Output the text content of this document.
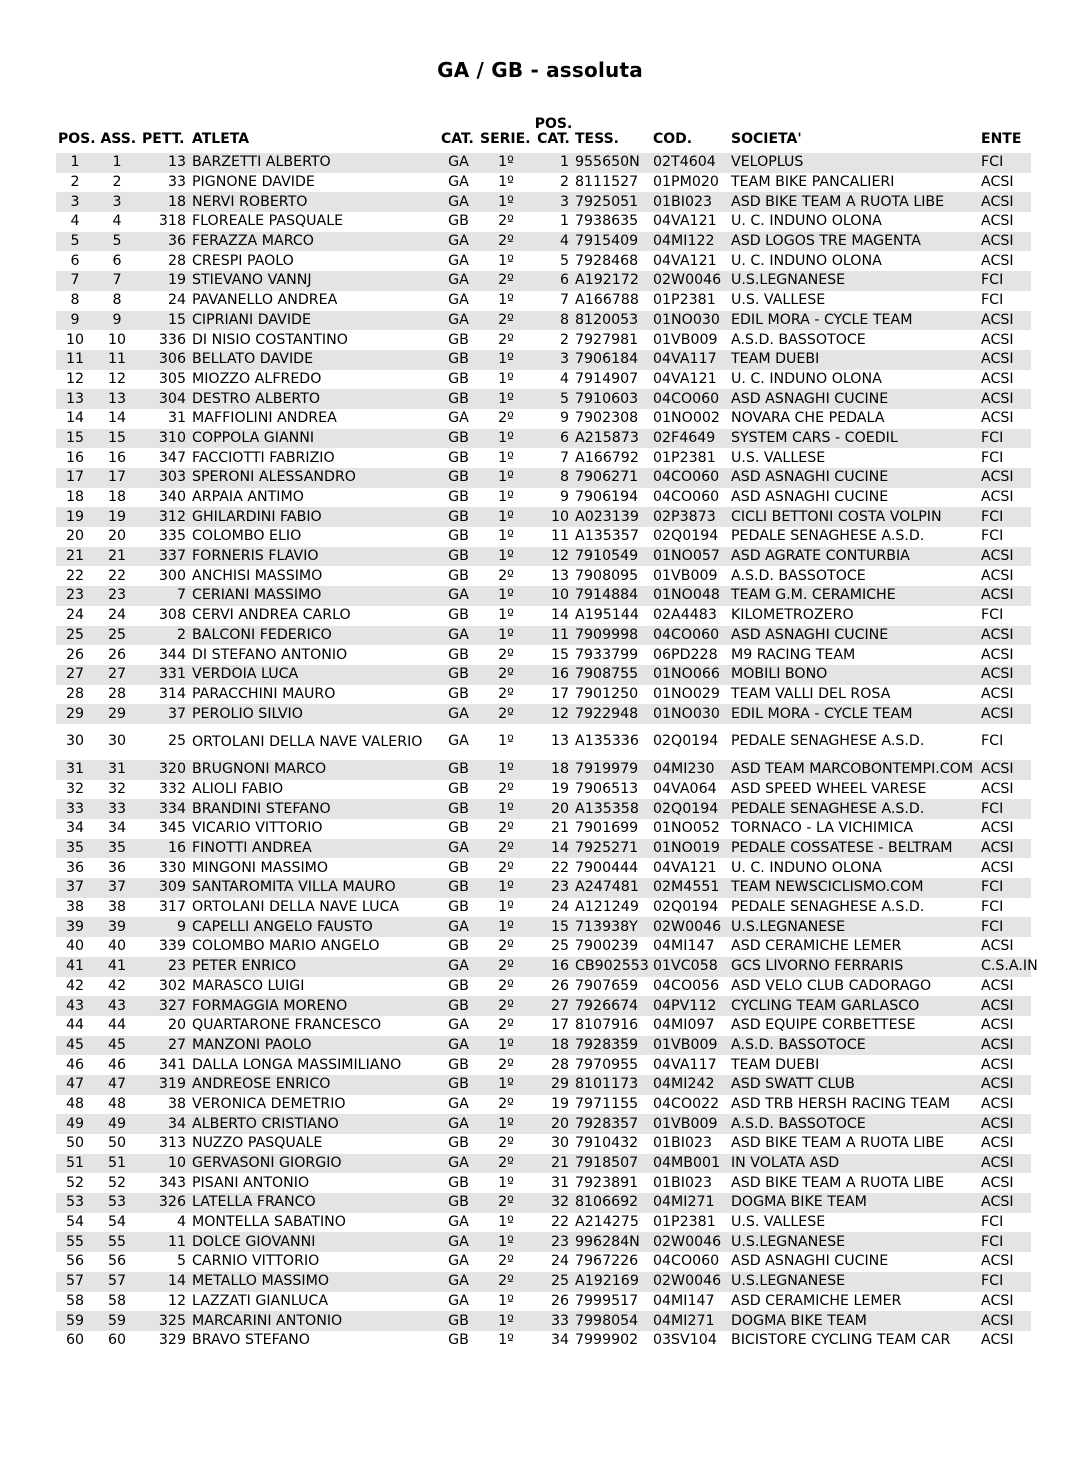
GA / GB - assoluta
POS. ASS.	PETT.	ATLETA	CAT.	SERIE.	POS.
CAT.	TESS.	COD.	SOCIETA'	ENTE
1 1	13	BARZETTI ALBERTO	GA	1º	1	955650N	02T4604	VELOPLUS	FCI
2 2	33	PIGNONE DAVIDE	GA	1º	2	8111527	01PM020	TEAM BIKE PANCALIERI	ACSI
3 3	18	NERVI ROBERTO	GA	1º	3	7925051	01BI023	ASD BIKE TEAM A RUOTA LIBE	ACSI
4 4	318	FLOREALE PASQUALE	GB	2º	1	7938635	04VA121	U. C. INDUNO OLONA	ACSI
5 5	36	FERAZZA MARCO	GA	2º	4	7915409	04MI122	ASD LOGOS TRE MAGENTA	ACSI
6 6	28	CRESPI PAOLO	GA	1º	5	7928468	04VA121	U. C. INDUNO OLONA	ACSI
7 7	19	STIEVANO VANNJ	GA	2º	6	A192172	02W0046	U.S.LEGNANESE	FCI
8 8	24	PAVANELLO ANDREA	GA	1º	7	A166788	01P2381	U.S. VALLESE	FCI
9 9	15	CIPRIANI DAVIDE	GA	2º	8	8120053	01NO030	EDIL MORA - CYCLE TEAM	ACSI
10 10	336	DI NISIO COSTANTINO	GB	2º	2	7927981	01VB009	A.S.D. BASSOTOCE	ACSI
11 11	306	BELLATO DAVIDE	GB	1º	3	7906184	04VA117	TEAM DUEBI	ACSI
12 12	305	MIOZZO ALFREDO	GB	1º	4	7914907	04VA121	U. C. INDUNO OLONA	ACSI
13 13	304	DESTRO ALBERTO	GB	1º	5	7910603	04CO060	ASD ASNAGHI CUCINE	ACSI
14 14	31	MAFFIOLINI ANDREA	GA	2º	9	7902308	01NO002	NOVARA CHE PEDALA	ACSI
15 15	310	COPPOLA GIANNI	GB	1º	6	A215873	02F4649	SYSTEM CARS - COEDIL	FCI
16 16	347	FACCIOTTI FABRIZIO	GB	1º	7	A166792	01P2381	U.S. VALLESE	FCI
17 17	303	SPERONI ALESSANDRO	GB	1º	8	7906271	04CO060	ASD ASNAGHI CUCINE	ACSI
18 18	340	ARPAIA ANTIMO	GB	1º	9	7906194	04CO060	ASD ASNAGHI CUCINE	ACSI
19 19	312	GHILARDINI FABIO	GB	1º	10	A023139	02P3873	CICLI BETTONI COSTA VOLPIN	FCI
20 20	335	COLOMBO ELIO	GB	1º	11	A135357	02Q0194	PEDALE SENAGHESE A.S.D.	FCI
21 21	337	FORNERIS FLAVIO	GB	1º	12	7910549	01NO057	ASD AGRATE CONTURBIA	ACSI
22 22	300	ANCHISI MASSIMO	GB	2º	13	7908095	01VB009	A.S.D. BASSOTOCE	ACSI
23 23	7	CERIANI MASSIMO	GA	1º	10	7914884	01NO048	TEAM G.M. CERAMICHE	ACSI
24 24	308	CERVI ANDREA CARLO	GB	1º	14	A195144	02A4483	KILOMETROZERO	FCI
25 25	2	BALCONI FEDERICO	GA	1º	11	7909998	04CO060	ASD ASNAGHI CUCINE	ACSI
26 26	344	DI STEFANO ANTONIO	GB	2º	15	7933799	06PD228	M9 RACING TEAM	ACSI
27 27	331	VERDOIA LUCA	GB	2º	16	7908755	01NO066	MOBILI BONO	ACSI
28 28	314	PARACCHINI MAURO	GB	2º	17	7901250	01NO029	TEAM VALLI DEL ROSA	ACSI
29 29	37	PEROLIO SILVIO	GA	2º	12	7922948	01NO030	EDIL MORA - CYCLE TEAM	ACSI
30 30	25	ORTOLANI DELLA NAVE VALERIO	GA	1º	13	A135336	02Q0194	PEDALE SENAGHESE A.S.D.	FCI
31 31	320	BRUGNONI MARCO	GB	1º	18	7919979	04MI230	ASD TEAM MARCOBONTEMPI.COM	ACSI
32 32	332	ALIOLI FABIO	GB	2º	19	7906513	04VA064	ASD SPEED WHEEL VARESE	ACSI
33 33	334	BRANDINI STEFANO	GB	1º	20	A135358	02Q0194	PEDALE SENAGHESE A.S.D.	FCI
34 34	345	VICARIO VITTORIO	GB	2º	21	7901699	01NO052	TORNACO - LA VICHIMICA	ACSI
35 35	16	FINOTTI ANDREA	GA	2º	14	7925271	01NO019	PEDALE COSSATESE - BELTRAM	ACSI
36 36	330	MINGONI MASSIMO	GB	2º	22	7900444	04VA121	U. C. INDUNO OLONA	ACSI
37 37	309	SANTAROMITA VILLA MAURO	GB	1º	23	A247481	02M4551	TEAM NEWSCICLISMO.COM	FCI
38 38	317	ORTOLANI DELLA NAVE LUCA	GB	1º	24	A121249	02Q0194	PEDALE SENAGHESE A.S.D.	FCI
39 39	9	CAPELLI ANGELO FAUSTO	GA	1º	15	713938Y	02W0046	U.S.LEGNANESE	FCI
40 40	339	COLOMBO MARIO ANGELO	GB	2º	25	7900239	04MI147	ASD CERAMICHE LEMER	ACSI
41 41	23	PETER ENRICO	GA	2º	16	CB902553	01VC058	GCS LIVORNO FERRARIS	C.S.A.IN
42 42	302	MARASCO LUIGI	GB	2º	26	7907659	04CO056	ASD VELO CLUB CADORAGO	ACSI
43 43	327	FORMAGGIA MORENO	GB	2º	27	7926674	04PV112	CYCLING TEAM GARLASCO	ACSI
44 44	20	QUARTARONE FRANCESCO	GA	2º	17	8107916	04MI097	ASD EQUIPE CORBETTESE	ACSI
45 45	27	MANZONI PAOLO	GA	1º	18	7928359	01VB009	A.S.D. BASSOTOCE	ACSI
46 46	341	DALLA LONGA MASSIMILIANO	GB	2º	28	7970955	04VA117	TEAM DUEBI	ACSI
47 47	319	ANDREOSE ENRICO	GB	1º	29	8101173	04MI242	ASD SWATT CLUB	ACSI
48 48	38	VERONICA DEMETRIO	GA	2º	19	7971155	04CO022	ASD TRB HERSH RACING TEAM	ACSI
49 49	34	ALBERTO CRISTIANO	GA	1º	20	7928357	01VB009	A.S.D. BASSOTOCE	ACSI
50 50	313	NUZZO PASQUALE	GB	2º	30	7910432	01BI023	ASD BIKE TEAM A RUOTA LIBE	ACSI
51 51	10	GERVASONI GIORGIO	GA	2º	21	7918507	04MB001	IN VOLATA ASD	ACSI
52 52	343	PISANI ANTONIO	GB	1º	31	7923891	01BI023	ASD BIKE TEAM A RUOTA LIBE	ACSI
53 53	326	LATELLA FRANCO	GB	2º	32	8106692	04MI271	DOGMA BIKE TEAM	ACSI
54 54	4	MONTELLA SABATINO	GA	1º	22	A214275	01P2381	U.S. VALLESE	FCI
55 55	11	DOLCE GIOVANNI	GA	1º	23	996284N	02W0046	U.S.LEGNANESE	FCI
56 56	5	CARNIO VITTORIO	GA	2º	24	7967226	04CO060	ASD ASNAGHI CUCINE	ACSI
57 57	14	METALLO MASSIMO	GA	2º	25	A192169	02W0046	U.S.LEGNANESE	FCI
58 58	12	LAZZATI GIANLUCA	GA	1º	26	7999517	04MI147	ASD CERAMICHE LEMER	ACSI
59 59	325	MARCARINI ANTONIO	GB	1º	33	7998054	04MI271	DOGMA BIKE TEAM	ACSI
60 60	329	BRAVO STEFANO	GB	1º	34	7999902	03SV104	BICISTORE CYCLING TEAM CAR	ACSI
